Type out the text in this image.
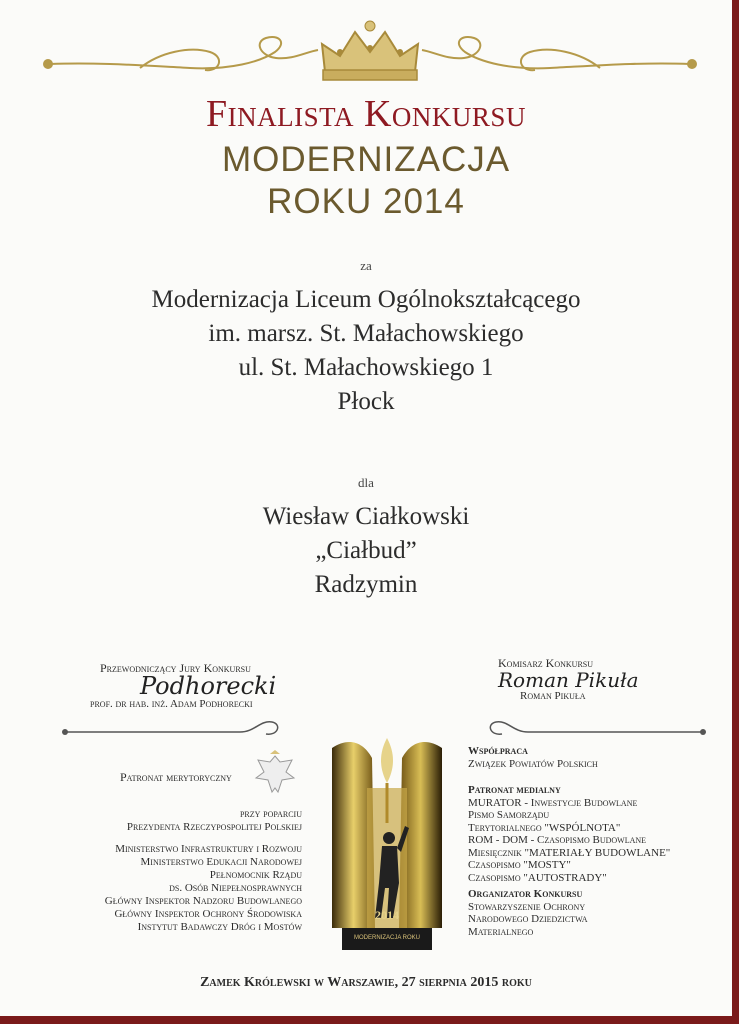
Finalista Konkursu
MODERNIZACJA
ROKU 2014
za
Modernizacja Liceum Ogólnokształcącego
im. marsz. St. Małachowskiego
ul. St. Małachowskiego 1
Płock
dla
Wiesław Ciałkowski
„Ciałbud”
Radzymin
Przewodniczący Jury Konkursu
Podhorecki
prof. dr hab. inż. Adam Podhorecki
Komisarz Konkursu
Roman Pikuła
Roman Pikuła
Patronat merytoryczny
przy poparciu
Prezydenta Rzeczypospolitej Polskiej
Ministerstwo Infrastruktury i Rozwoju
Ministerstwo Edukacji Narodowej
Pełnomocnik Rządu
ds. Osób Niepełnosprawnych
Główny Inspektor Nadzoru Budowlanego
Główny Inspektor Ochrony Środowiska
Instytut Badawczy Dróg i Mostów
2014
MODERNIZACJA ROKU
Współpraca
Związek Powiatów Polskich
Patronat medialny
MURATOR - Inwestycje Budowlane
Pismo Samorządu
Terytorialnego "WSPÓLNOTA"
ROM - DOM - Czasopismo Budowlane
Miesięcznik "MATERIAŁY BUDOWLANE"
Czasopismo "MOSTY"
Czasopismo "AUTOSTRADY"
Organizator Konkursu
Stowarzyszenie Ochrony
Narodowego Dziedzictwa
Materialnego
Zamek Królewski w Warszawie, 27 sierpnia 2015 roku
